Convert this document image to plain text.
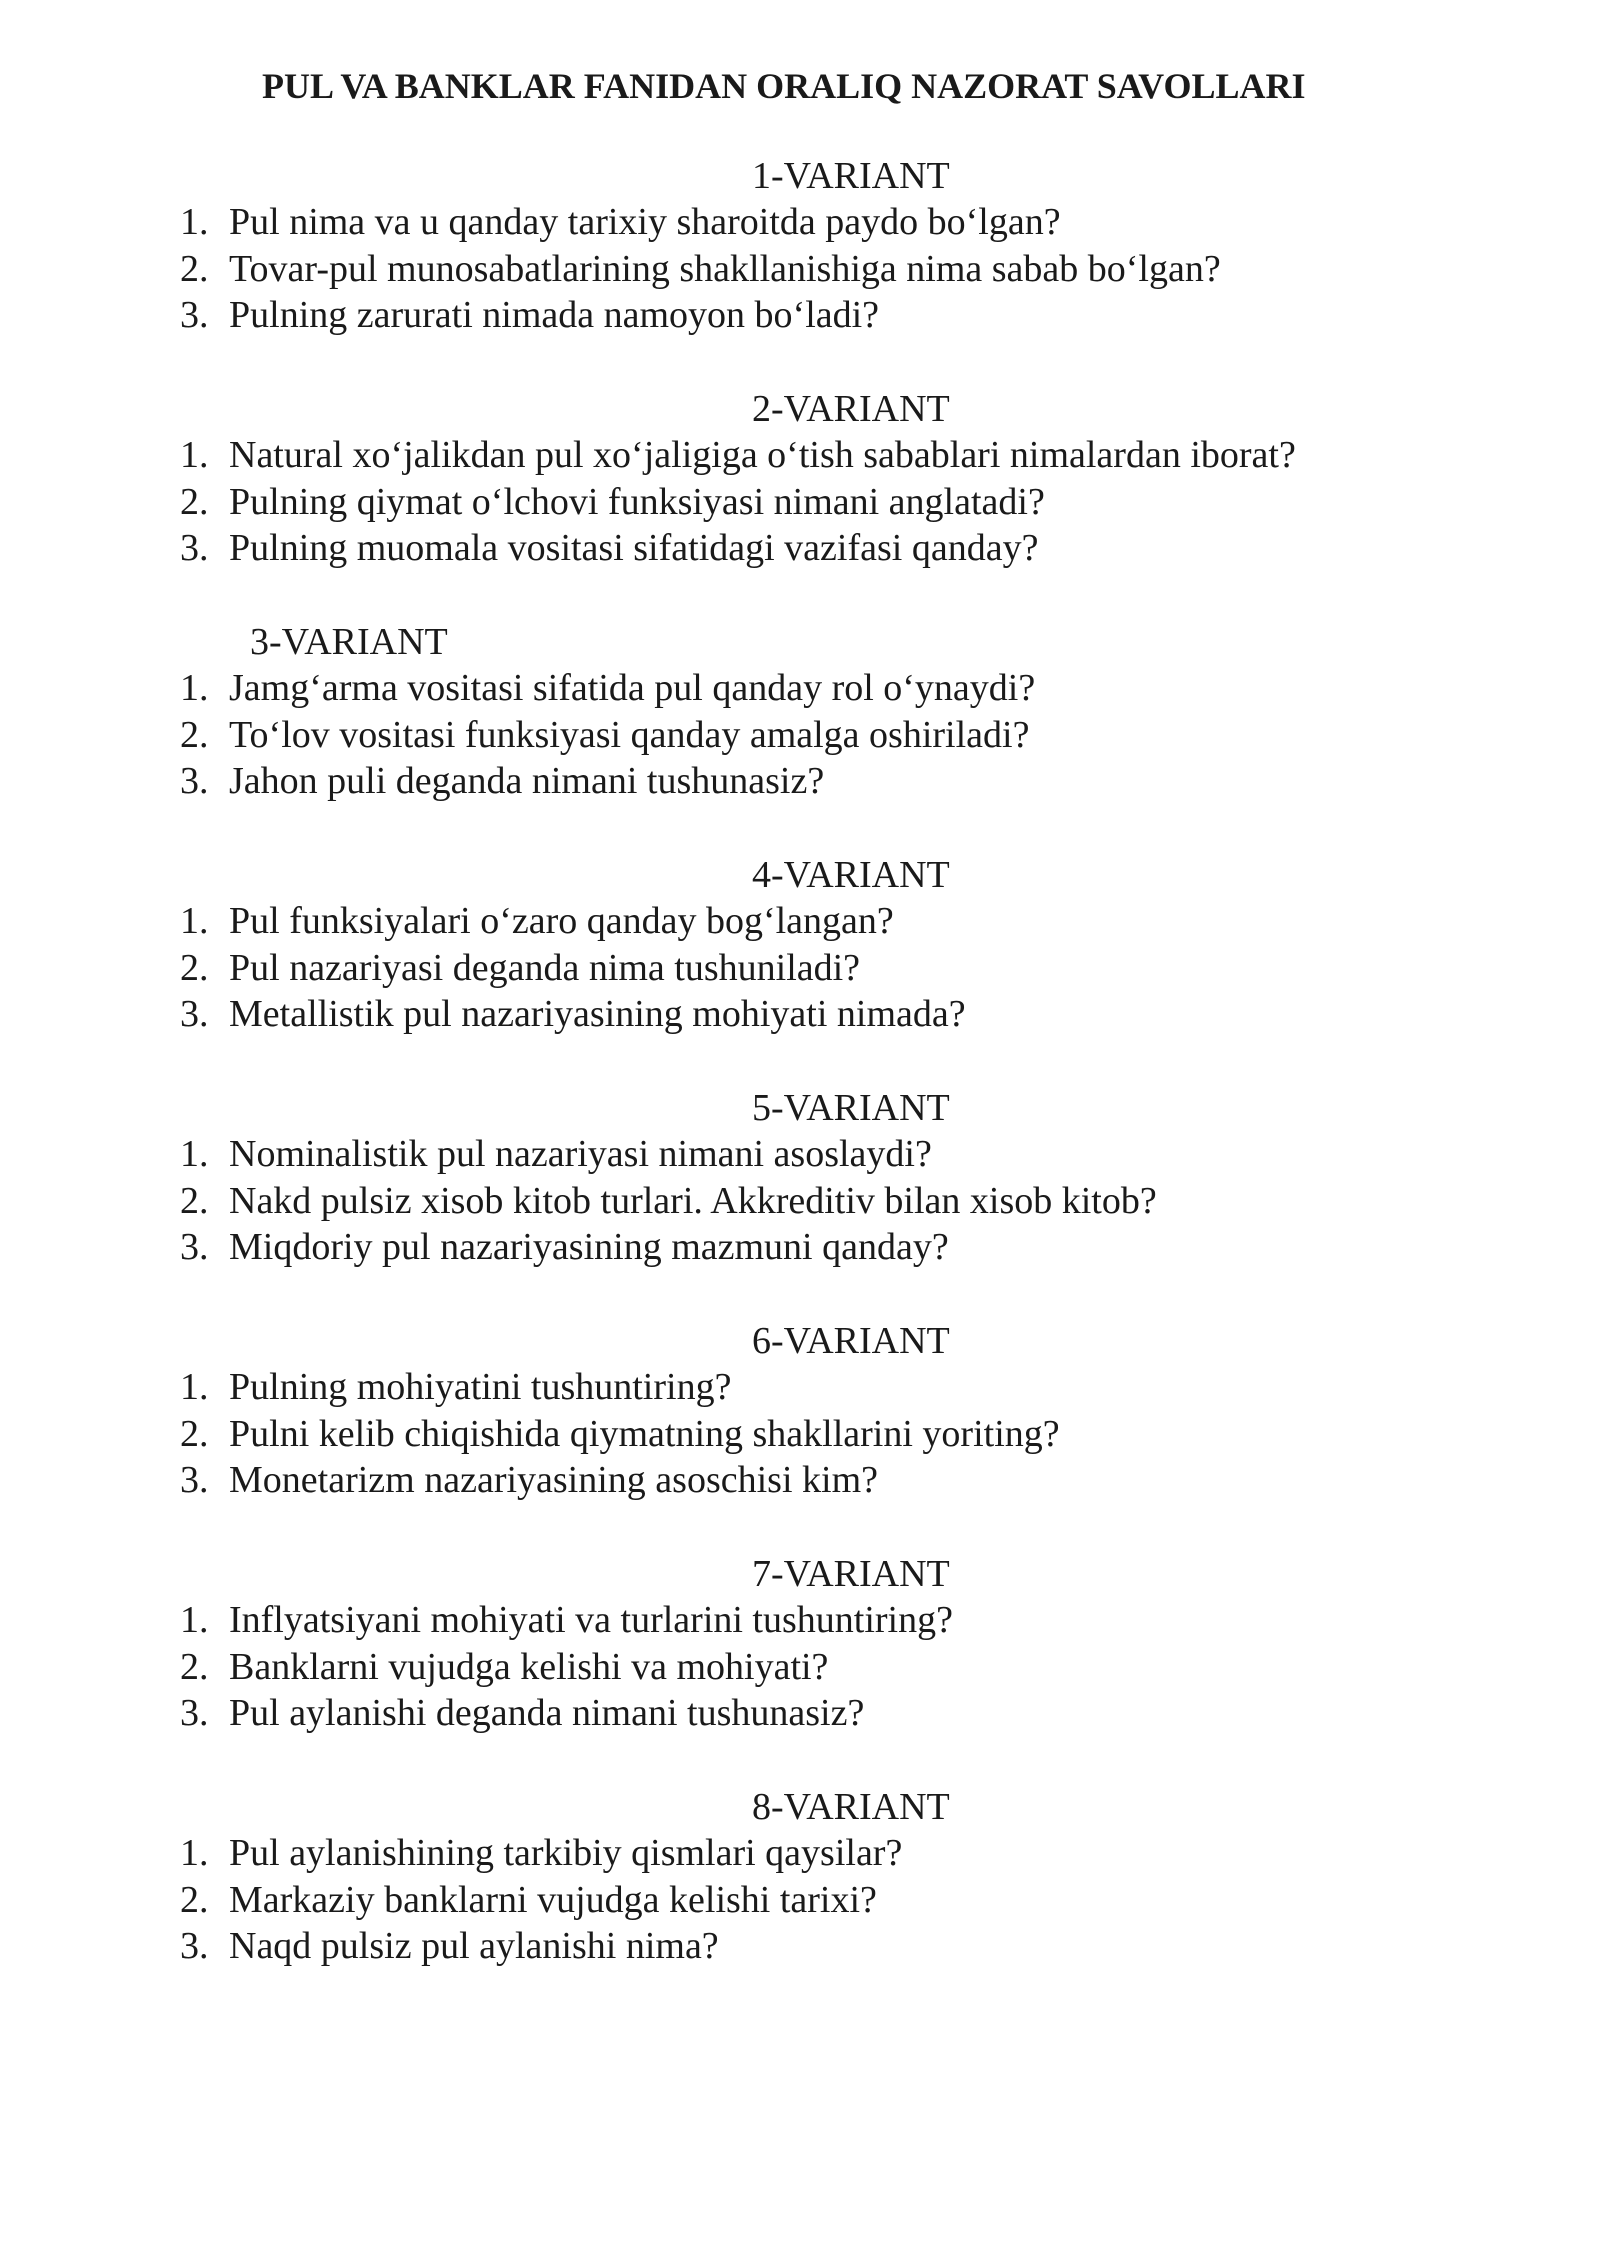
PUL VA BANKLAR FANIDAN ORALIQ NAZORAT SAVOLLARI
1-VARIANT
1. Pul nima va u qanday tarixiy sharoitda paydo bo‘lgan?
2. Tovar-pul munosabatlarining shakllanishiga nima sabab bo‘lgan?
3. Pulning zarurati nimada namoyon bo‘ladi?
2-VARIANT
1. Natural xo‘jalikdan pul xo‘jaligiga o‘tish sabablari nimalardan iborat?
2. Pulning qiymat o‘lchovi funksiyasi nimani anglatadi?
3. Pulning muomala vositasi sifatidagi vazifasi qanday?
3-VARIANT
1. Jamg‘arma vositasi sifatida pul qanday rol o‘ynaydi?
2. To‘lov vositasi funksiyasi qanday amalga oshiriladi?
3. Jahon puli deganda nimani tushunasiz?
4-VARIANT
1. Pul funksiyalari o‘zaro qanday bog‘langan?
2. Pul nazariyasi deganda nima tushuniladi?
3. Metallistik pul nazariyasining mohiyati nimada?
5-VARIANT
1. Nominalistik pul nazariyasi nimani asoslaydi?
2. Nakd pulsiz xisob kitob turlari. Akkreditiv bilan xisob kitob?
3. Miqdoriy pul nazariyasining mazmuni qanday?
6-VARIANT
1. Pulning mohiyatini tushuntiring?
2. Pulni kelib chiqishida qiymatning shakllarini yoriting?
3. Monetarizm nazariyasining asoschisi kim?
7-VARIANT
1. Inflyatsiyani mohiyati va turlarini tushuntiring?
2. Banklarni vujudga kelishi va mohiyati?
3. Pul aylanishi deganda nimani tushunasiz?
8-VARIANT
1. Pul aylanishining tarkibiy qismlari qaysilar?
2. Markaziy banklarni vujudga kelishi tarixi?
3. Naqd pulsiz pul aylanishi nima?
